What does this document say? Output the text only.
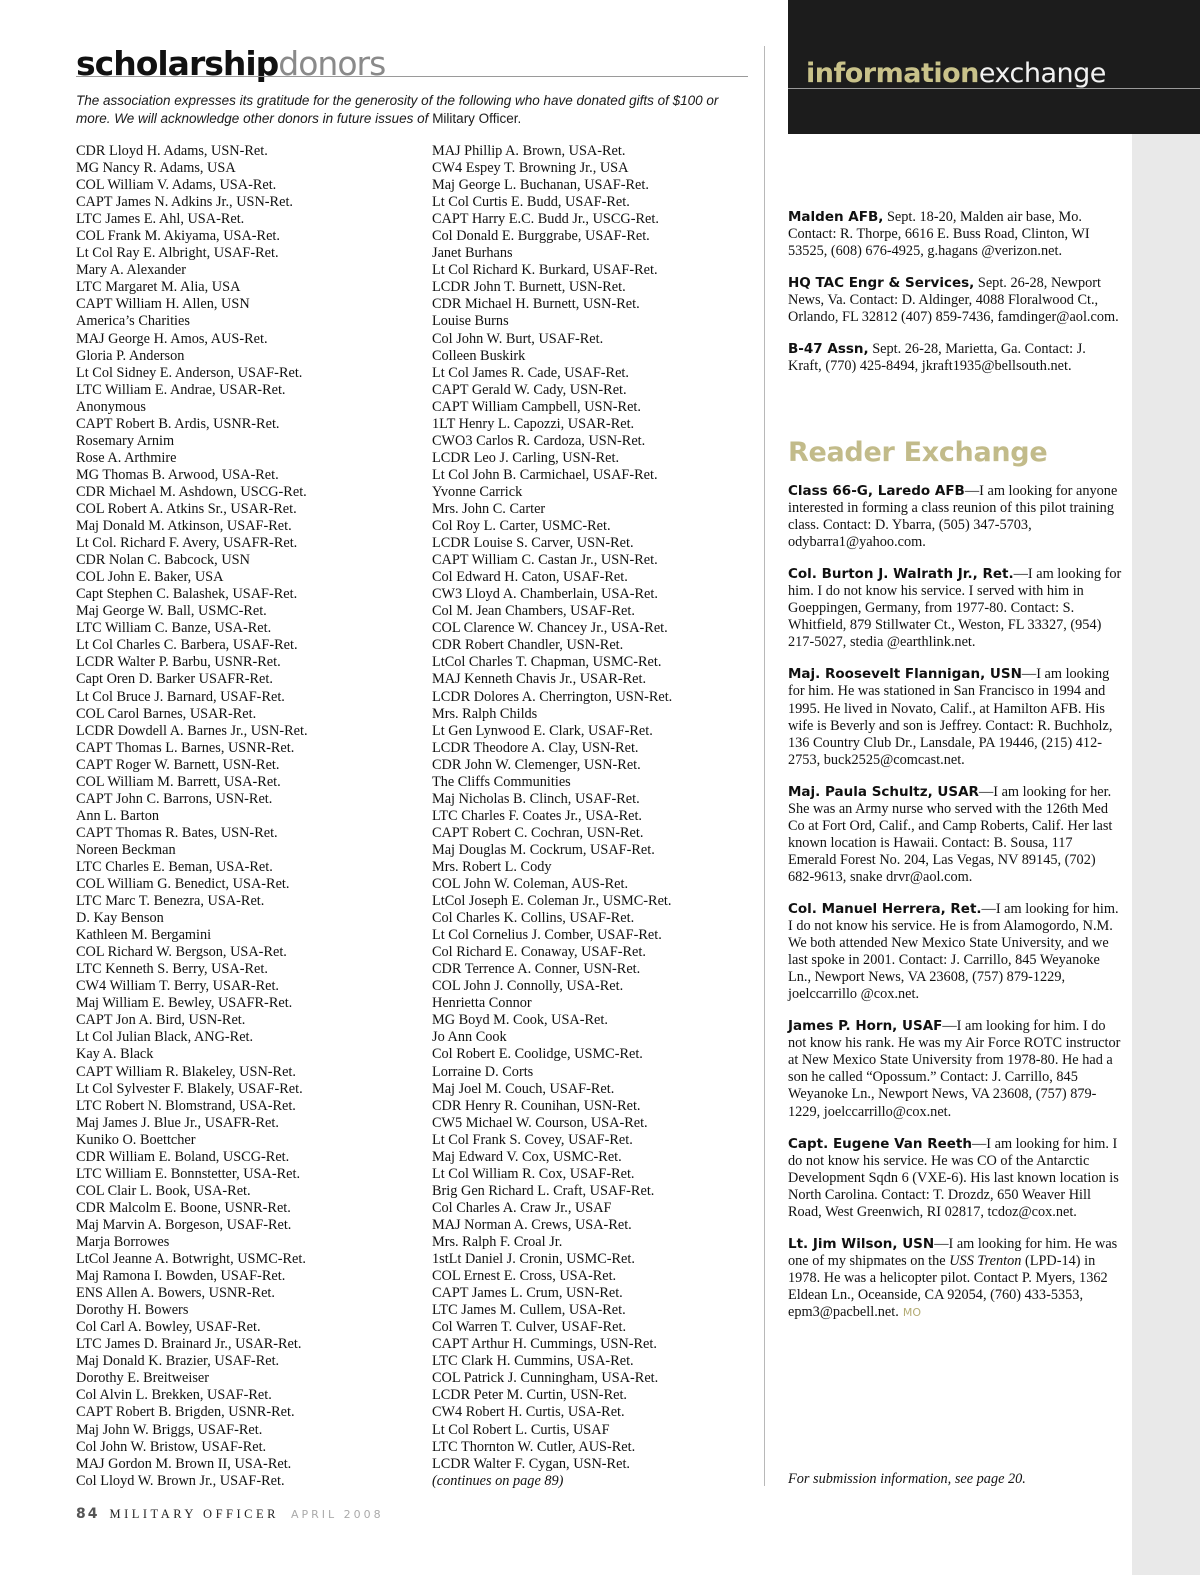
scholarshipdonors
The association expresses its gratitude for the generosity of the following who have donated gifts of $100 or more. We will acknowledge other donors in future issues of Military Officer.
CDR Lloyd H. Adams, USN-Ret.
MG Nancy R. Adams, USA
COL William V. Adams, USA-Ret.
CAPT James N. Adkins Jr., USN-Ret.
LTC James E. Ahl, USA-Ret.
COL Frank M. Akiyama, USA-Ret.
Lt Col Ray E. Albright, USAF-Ret.
Mary A. Alexander
LTC Margaret M. Alia, USA
CAPT William H. Allen, USN
America’s Charities
MAJ George H. Amos, AUS-Ret.
Gloria P. Anderson
Lt Col Sidney E. Anderson, USAF-Ret.
LTC William E. Andrae, USAR-Ret.
Anonymous
CAPT Robert B. Ardis, USNR-Ret.
Rosemary Arnim
Rose A. Arthmire
MG Thomas B. Arwood, USA-Ret.
CDR Michael M. Ashdown, USCG-Ret.
COL Robert A. Atkins Sr., USAR-Ret.
Maj Donald M. Atkinson, USAF-Ret.
Lt Col. Richard F. Avery, USAFR-Ret.
CDR Nolan C. Babcock, USN
COL John E. Baker, USA
Capt Stephen C. Balashek, USAF-Ret.
Maj George W. Ball, USMC-Ret.
LTC William C. Banze, USA-Ret.
Lt Col Charles C. Barbera, USAF-Ret.
LCDR Walter P. Barbu, USNR-Ret.
Capt Oren D. Barker USAFR-Ret.
Lt Col Bruce J. Barnard, USAF-Ret.
COL Carol Barnes, USAR-Ret.
LCDR Dowdell A. Barnes Jr., USN-Ret.
CAPT Thomas L. Barnes, USNR-Ret.
CAPT Roger W. Barnett, USN-Ret.
COL William M. Barrett, USA-Ret.
CAPT John C. Barrons, USN-Ret.
Ann L. Barton
CAPT Thomas R. Bates, USN-Ret.
Noreen Beckman
LTC Charles E. Beman, USA-Ret.
COL William G. Benedict, USA-Ret.
LTC Marc T. Benezra, USA-Ret.
D. Kay Benson
Kathleen M. Bergamini
COL Richard W. Bergson, USA-Ret.
LTC Kenneth S. Berry, USA-Ret.
CW4 William T. Berry, USAR-Ret.
Maj William E. Bewley, USAFR-Ret.
CAPT Jon A. Bird, USN-Ret.
Lt Col Julian Black, ANG-Ret.
Kay A. Black
CAPT William R. Blakeley, USN-Ret.
Lt Col Sylvester F. Blakely, USAF-Ret.
LTC Robert N. Blomstrand, USA-Ret.
Maj James J. Blue Jr., USAFR-Ret.
Kuniko O. Boettcher
CDR William E. Boland, USCG-Ret.
LTC William E. Bonnstetter, USA-Ret.
COL Clair L. Book, USA-Ret.
CDR Malcolm E. Boone, USNR-Ret.
Maj Marvin A. Borgeson, USAF-Ret.
Marja Borrowes
LtCol Jeanne A. Botwright, USMC-Ret.
Maj Ramona I. Bowden, USAF-Ret.
ENS Allen A. Bowers, USNR-Ret.
Dorothy H. Bowers
Col Carl A. Bowley, USAF-Ret.
LTC James D. Brainard Jr., USAR-Ret.
Maj Donald K. Brazier, USAF-Ret.
Dorothy E. Breitweiser
Col Alvin L. Brekken, USAF-Ret.
CAPT Robert B. Brigden, USNR-Ret.
Maj John W. Briggs, USAF-Ret.
Col John W. Bristow, USAF-Ret.
MAJ Gordon M. Brown II, USA-Ret.
Col Lloyd W. Brown Jr., USAF-Ret.
MAJ Phillip A. Brown, USA-Ret.
CW4 Espey T. Browning Jr., USA
Maj George L. Buchanan, USAF-Ret.
Lt Col Curtis E. Budd, USAF-Ret.
CAPT Harry E.C. Budd Jr., USCG-Ret.
Col Donald E. Burggrabe, USAF-Ret.
Janet Burhans
Lt Col Richard K. Burkard, USAF-Ret.
LCDR John T. Burnett, USN-Ret.
CDR Michael H. Burnett, USN-Ret.
Louise Burns
Col John W. Burt, USAF-Ret.
Colleen Buskirk
Lt Col James R. Cade, USAF-Ret.
CAPT Gerald W. Cady, USN-Ret.
CAPT William Campbell, USN-Ret.
1LT Henry L. Capozzi, USAR-Ret.
CWO3 Carlos R. Cardoza, USN-Ret.
LCDR Leo J. Carling, USN-Ret.
Lt Col John B. Carmichael, USAF-Ret.
Yvonne Carrick
Mrs. John C. Carter
Col Roy L. Carter, USMC-Ret.
LCDR Louise S. Carver, USN-Ret.
CAPT William C. Castan Jr., USN-Ret.
Col Edward H. Caton, USAF-Ret.
CW3 Lloyd A. Chamberlain, USA-Ret.
Col M. Jean Chambers, USAF-Ret.
COL Clarence W. Chancey Jr., USA-Ret.
CDR Robert Chandler, USN-Ret.
LtCol Charles T. Chapman, USMC-Ret.
MAJ Kenneth Chavis Jr., USAR-Ret.
LCDR Dolores A. Cherrington, USN-Ret.
Mrs. Ralph Childs
Lt Gen Lynwood E. Clark, USAF-Ret.
LCDR Theodore A. Clay, USN-Ret.
CDR John W. Clemenger, USN-Ret.
The Cliffs Communities
Maj Nicholas B. Clinch, USAF-Ret.
LTC Charles F. Coates Jr., USA-Ret.
CAPT Robert C. Cochran, USN-Ret.
Maj Douglas M. Cockrum, USAF-Ret.
Mrs. Robert L. Cody
COL John W. Coleman, AUS-Ret.
LtCol Joseph E. Coleman Jr., USMC-Ret.
Col Charles K. Collins, USAF-Ret.
Lt Col Cornelius J. Comber, USAF-Ret.
Col Richard E. Conaway, USAF-Ret.
CDR Terrence A. Conner, USN-Ret.
COL John J. Connolly, USA-Ret.
Henrietta Connor
MG Boyd M. Cook, USA-Ret.
Jo Ann Cook
Col Robert E. Coolidge, USMC-Ret.
Lorraine D. Corts
Maj Joel M. Couch, USAF-Ret.
CDR Henry R. Counihan, USN-Ret.
CW5 Michael W. Courson, USA-Ret.
Lt Col Frank S. Covey, USAF-Ret.
Maj Edward V. Cox, USMC-Ret.
Lt Col William R. Cox, USAF-Ret.
Brig Gen Richard L. Craft, USAF-Ret.
Col Charles A. Craw Jr., USAF
MAJ Norman A. Crews, USA-Ret.
Mrs. Ralph F. Croal Jr.
1stLt Daniel J. Cronin, USMC-Ret.
COL Ernest E. Cross, USA-Ret.
CAPT James L. Crum, USN-Ret.
LTC James M. Cullem, USA-Ret.
Col Warren T. Culver, USAF-Ret.
CAPT Arthur H. Cummings, USN-Ret.
LTC Clark H. Cummins, USA-Ret.
COL Patrick J. Cunningham, USA-Ret.
LCDR Peter M. Curtin, USN-Ret.
CW4 Robert H. Curtis, USA-Ret.
Lt Col Robert L. Curtis, USAF
LTC Thornton W. Cutler, AUS-Ret.
LCDR Walter F. Cygan, USN-Ret.
(continues on page 89)
informationexchange

Malden AFB, Sept. 18-20, Malden air base, Mo. Contact: R. Thorpe, 6616 E. Buss Road, Clinton, WI 53525, (608) 676-4925, g.hagans @verizon.net.

HQ TAC Engr & Services, Sept. 26-28, Newport News, Va. Contact: D. Aldinger, 4088 Floralwood Ct., Orlando, FL 32812 (407) 859-7436, famdinger@aol.com.

B-47 Assn, Sept. 26-28, Marietta, Ga. Contact: J. Kraft, (770) 425-8494, jkraft1935@bellsouth.net.

Reader Exchange

Class 66-G, Laredo AFB—I am looking for anyone interested in forming a class reunion of this pilot training class. Contact: D. Ybarra, (505) 347-5703, odybarra1@yahoo.com.

Col. Burton J. Walrath Jr., Ret.—I am looking for him. I do not know his service. I served with him in Goeppingen, Germany, from 1977-80. Contact: S. Whitfield, 879 Stillwater Ct., Weston, FL 33327, (954) 217-5027, stedia @earthlink.net.

Maj. Roosevelt Flannigan, USN—I am looking for him. He was stationed in San Francisco in 1994 and 1995. He lived in Novato, Calif., at Hamilton AFB. His wife is Beverly and son is Jeffrey. Contact: R. Buchholz, 136 Country Club Dr., Lansdale, PA 19446, (215) 412-2753, buck2525@comcast.net.

Maj. Paula Schultz, USAR—I am looking for her. She was an Army nurse who served with the 126th Med Co at Fort Ord, Calif., and Camp Roberts, Calif. Her last known location is Hawaii. Contact: B. Sousa, 117 Emerald Forest No. 204, Las Vegas, NV 89145, (702) 682-9613, snake drvr@aol.com.

Col. Manuel Herrera, Ret.—I am looking for him. I do not know his service. He is from Alamogordo, N.M. We both attended New Mexico State University, and we last spoke in 2001. Contact: J. Carrillo, 845 Weyanoke Ln., Newport News, VA 23608, (757) 879-1229, joelccarrillo @cox.net.

James P. Horn, USAF—I am looking for him. I do not know his rank. He was my Air Force ROTC instructor at New Mexico State University from 1978-80. He had a son he called “Opossum.” Contact: J. Carrillo, 845 Weyanoke Ln., Newport News, VA 23608, (757) 879-1229, joelccarrillo@cox.net.

Capt. Eugene Van Reeth—I am looking for him. I do not know his service. He was CO of the Antarctic Development Sqdn 6 (VXE-6). His last known location is North Carolina. Contact: T. Drozdz, 650 Weaver Hill Road, West Greenwich, RI 02817, tcdoz@cox.net.

Lt. Jim Wilson, USN—I am looking for him. He was one of my shipmates on the USS Trenton (LPD-14) in 1978. He was a helicopter pilot. Contact P. Myers, 1362 Eldean Ln., Oceanside, CA 92054, (760) 433-5353, epm3@pacbell.net. MO

For submission information, see page 20.
84 MILITARY OFFICER APRIL 2008
